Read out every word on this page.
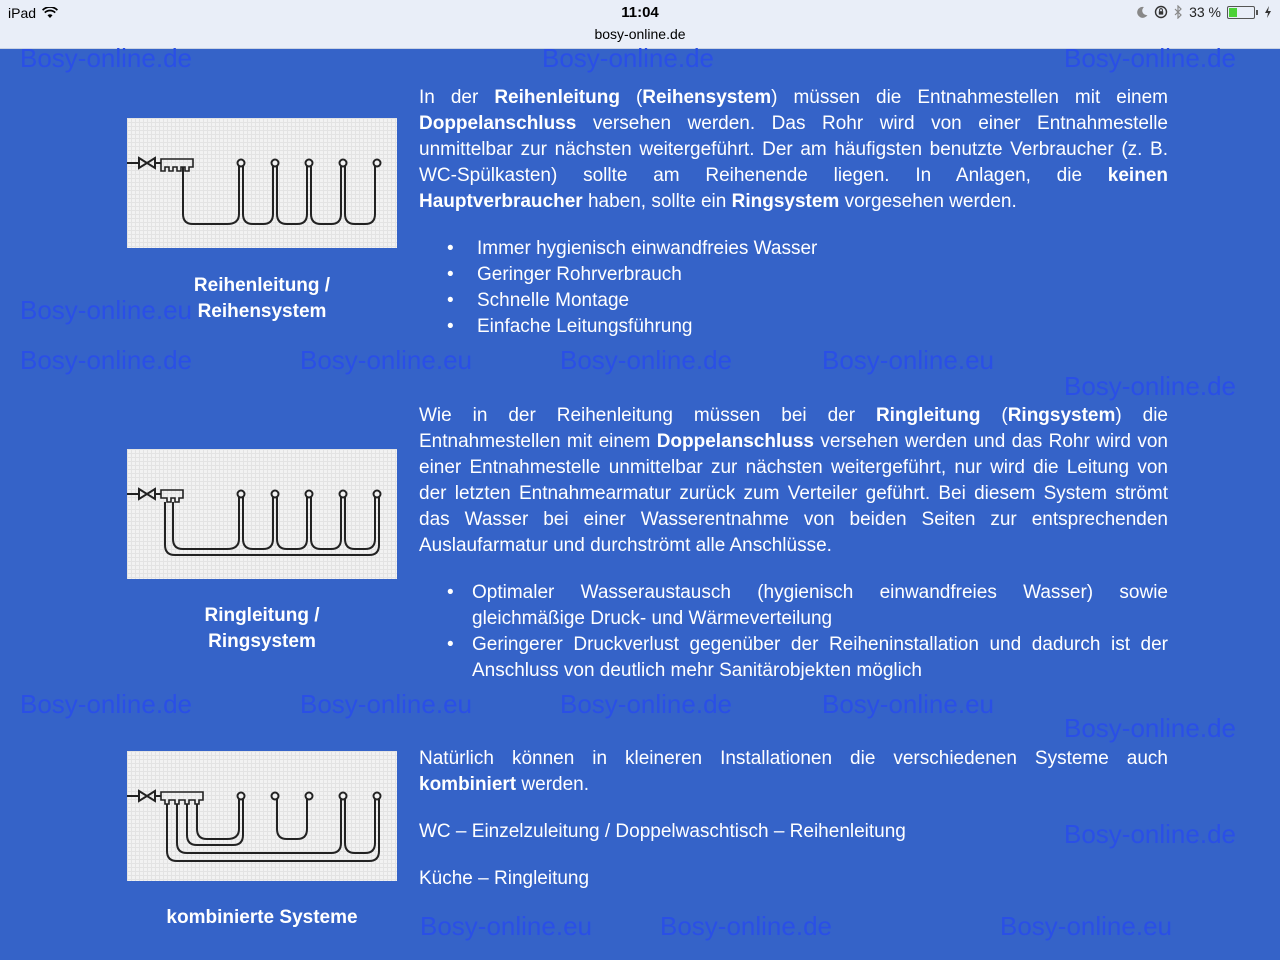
iPad	11:04
bosy-online.de
33 %
Bosy-online.de	Bosy-online.de	Bosy-online.de
Bosy-online.de	Bosy-online.eu	Bosy-online.de	Bosy-online.eu
Bosy-online.de
Bosy-online.de	Bosy-online.eu	Bosy-online.de	Bosy-online.eu
Bosy-online.de
Bosy-online.eu
Bosy-online.de	Bosy-online.eu
Bosy-online.de
Bosy-online.eu
Reihenleitung /
Reihensystem
In der Reihenleitung (Reihensystem) müssen die Entnahmestellen mit einem Doppelanschluss versehen werden. Das Rohr wird von einer Entnahmestelle unmittelbar zur nächsten weitergeführt. Der am häufigsten benutzte Verbraucher (z. B. WC-Spülkasten) sollte am Reihenende liegen. In Anlagen, die keinen Hauptverbraucher haben, sollte ein Ringsystem vorgesehen werden.
• Immer hygienisch einwandfreies Wasser
• Geringer Rohrverbrauch
• Schnelle Montage
• Einfache Leitungsführung
Ringleitung /
Ringsystem
Wie in der Reihenleitung müssen bei der Ringleitung (Ringsystem) die Entnahmestellen mit einem Doppelanschluss versehen werden und das Rohr wird von einer Entnahmestelle unmittelbar zur nächsten weitergeführt, nur wird die Leitung von der letzten Entnahmearmatur zurück zum Verteiler geführt. Bei diesem System strömt das Wasser bei einer Wasserentnahme von beiden Seiten zur entsprechenden Auslaufarmatur und durchströmt alle Anschlüsse.
• Optimaler Wasseraustausch (hygienisch einwandfreies Wasser) sowie gleichmäßige Druck- und Wärmeverteilung
• Geringerer Druckverlust gegenüber der Reiheninstallation und dadurch ist der Anschluss von deutlich mehr Sanitärobjekten möglich
kombinierte Systeme
Natürlich können in kleineren Installationen die verschiedenen Systeme auch kombiniert werden.
WC – Einzelzuleitung / Doppelwaschtisch – Reihenleitung
Küche – Ringleitung
